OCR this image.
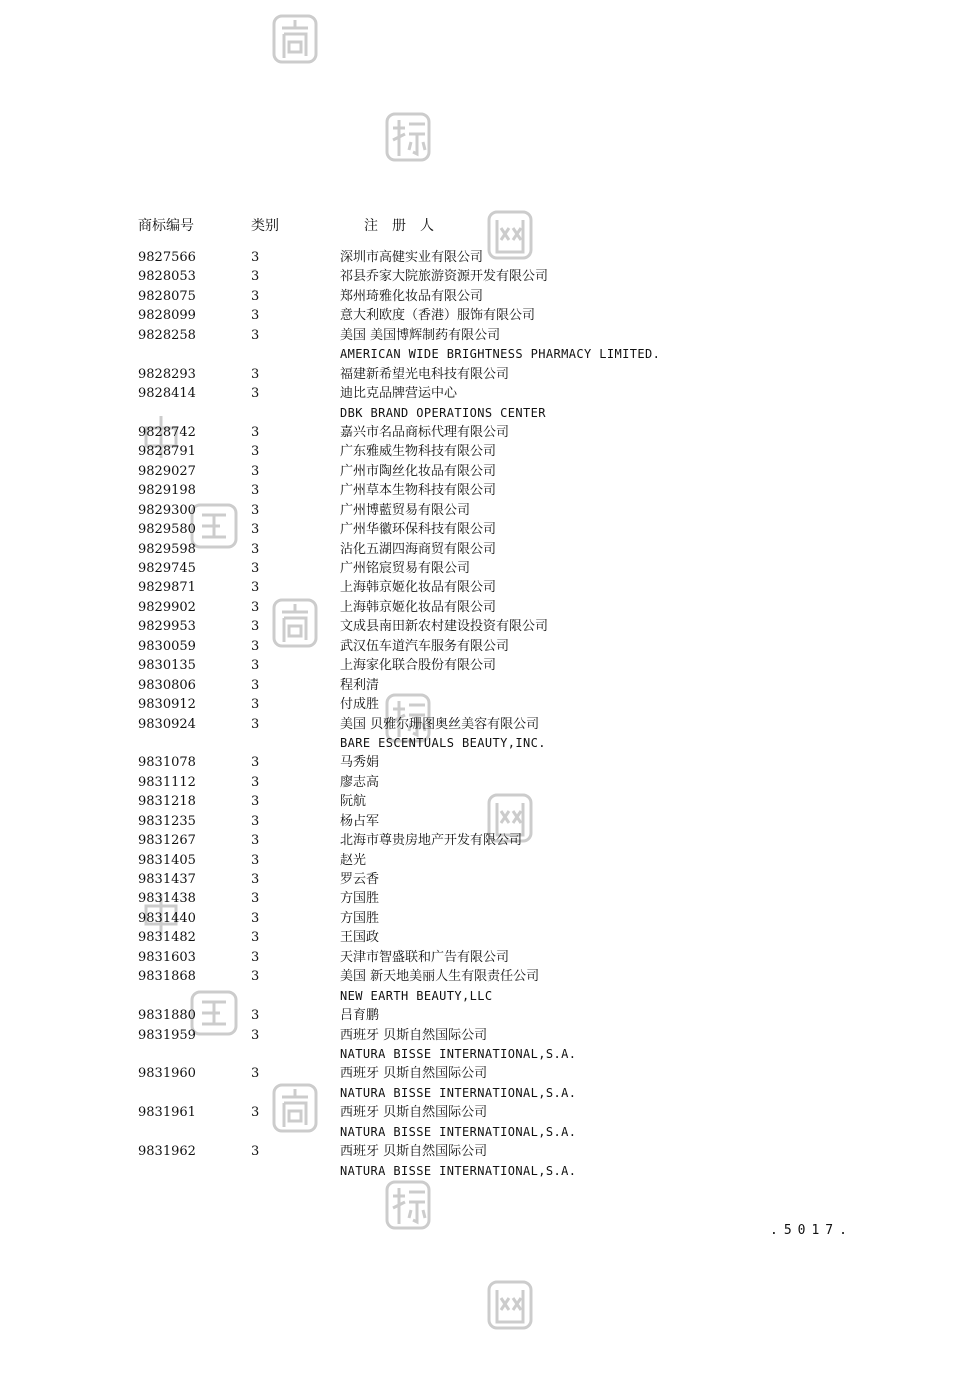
商标编号	类别	注　册　人
9827566	3	深圳市高健实业有限公司
9828053	3	祁县乔家大院旅游资源开发有限公司
9828075	3	郑州琦雅化妆品有限公司
9828099	3	意大利欧度（香港）服饰有限公司
9828258	3	美国 美国博辉制药有限公司
AMERICAN WIDE BRIGHTNESS PHARMACY LIMITED.
9828293	3	福建新希望光电科技有限公司
9828414	3	迪比克品牌营运中心
DBK BRAND OPERATIONS CENTER
9828742	3	嘉兴市名品商标代理有限公司
9828791	3	广东雅威生物科技有限公司
9829027	3	广州市陶丝化妆品有限公司
9829198	3	广州草本生物科技有限公司
9829300	3	广州博藍贸易有限公司
9829580	3	广州华徽环保科技有限公司
9829598	3	沾化五湖四海商贸有限公司
9829745	3	广州铭宸贸易有限公司
9829871	3	上海韩京姬化妆品有限公司
9829902	3	上海韩京姬化妆品有限公司
9829953	3	文成县南田新农村建设投资有限公司
9830059	3	武汉伍车道汽车服务有限公司
9830135	3	上海家化联合股份有限公司
9830806	3	程利清
9830912	3	付成胜
9830924	3	美国 贝雅尔珊图奥丝美容有限公司
BARE ESCENTUALS BEAUTY,INC.
9831078	3	马秀娟
9831112	3	廖志高
9831218	3	阮航
9831235	3	杨占军
9831267	3	北海市尊贵房地产开发有限公司
9831405	3	赵光
9831437	3	罗云香
9831438	3	方国胜
9831440	3	方国胜
9831482	3	王国政
9831603	3	天津市智盛联和广告有限公司
9831868	3	美国 新天地美丽人生有限责任公司
NEW EARTH BEAUTY,LLC
9831880	3	吕育鹏
9831959	3	西班牙 贝斯自然国际公司
NATURA BISSE INTERNATIONAL,S.A.
9831960	3	西班牙 贝斯自然国际公司
NATURA BISSE INTERNATIONAL,S.A.
9831961	3	西班牙 贝斯自然国际公司
NATURA BISSE INTERNATIONAL,S.A.
9831962	3	西班牙 贝斯自然国际公司
NATURA BISSE INTERNATIONAL,S.A.
.5017.
